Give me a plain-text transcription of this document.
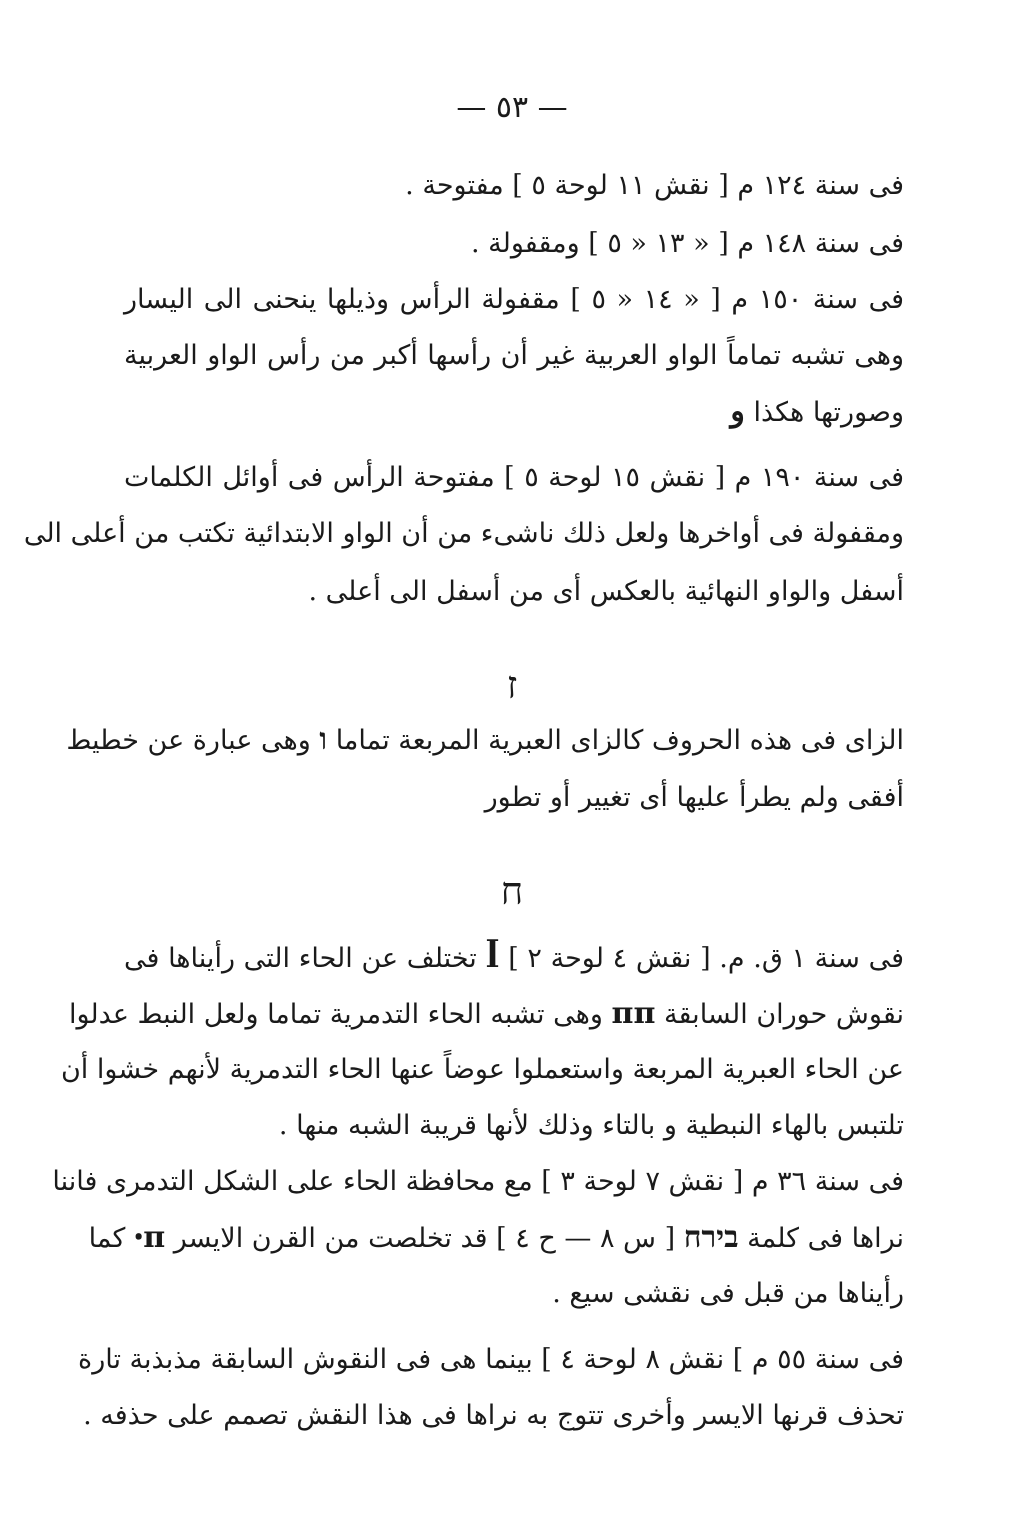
— ٥٣ —
فى سنة ١٢٤ م [ نقش ١١ لوحة ٥ ] مفتوحة .
فى سنة ١٤٨ م [ « ١٣ « ٥ ] ومقفولة .
فى سنة ١٥٠ م [ « ١٤ « ٥ ] مقفولة الرأس وذيلها ينحنى الى اليسار
وهى تشبه تماماً الواو العربية غير أن رأسها أكبر من رأس الواو العربية
وصورتها هكذا و
فى سنة ١٩٠ م [ نقش ١٥ لوحة ٥ ] مفتوحة الرأس فى أوائل الكلمات
ومقفولة فى أواخرها ولعل ذلك ناشىء من أن الواو الابتدائية تكتب من أعلى الى
أسفل والواو النهائية بالعكس أى من أسفل الى أعلى .
ז
الزاى فى هذه الحروف كالزاى العبرية المربعة تماما ו وهى عبارة عن خطيط
أفقى ولم يطرأ عليها أى تغيير أو تطور
ח
فى سنة ١ ق. م. [ نقش ٤ لوحة ٢ ] ꟾ تختلف عن الحاء التى رأيناها فى
نقوش حوران السابقة ππ وهى تشبه الحاء التدمرية تماما ولعل النبط عدلوا
عن الحاء العبرية المربعة واستعملوا عوضاً عنها الحاء التدمرية لأنهم خشوا أن
تلتبس بالهاء النبطية و بالتاء وذلك لأنها قريبة الشبه منها .
فى سنة ٣٦ م [ نقش ٧ لوحة ٣ ] مع محافظة الحاء على الشكل التدمرى فاننا
نراها فى كلمة בירח [ س ٨ — ح ٤ ] قد تخلصت من القرن الايسر ꞏπ كما
رأيناها من قبل فى نقشى سيع .
فى سنة ٥٥ م ] نقش ٨ لوحة ٤ ] بينما هى فى النقوش السابقة مذبذبة تارة
تحذف قرنها الايسر وأخرى تتوج به نراها فى هذا النقش تصمم على حذفه .
